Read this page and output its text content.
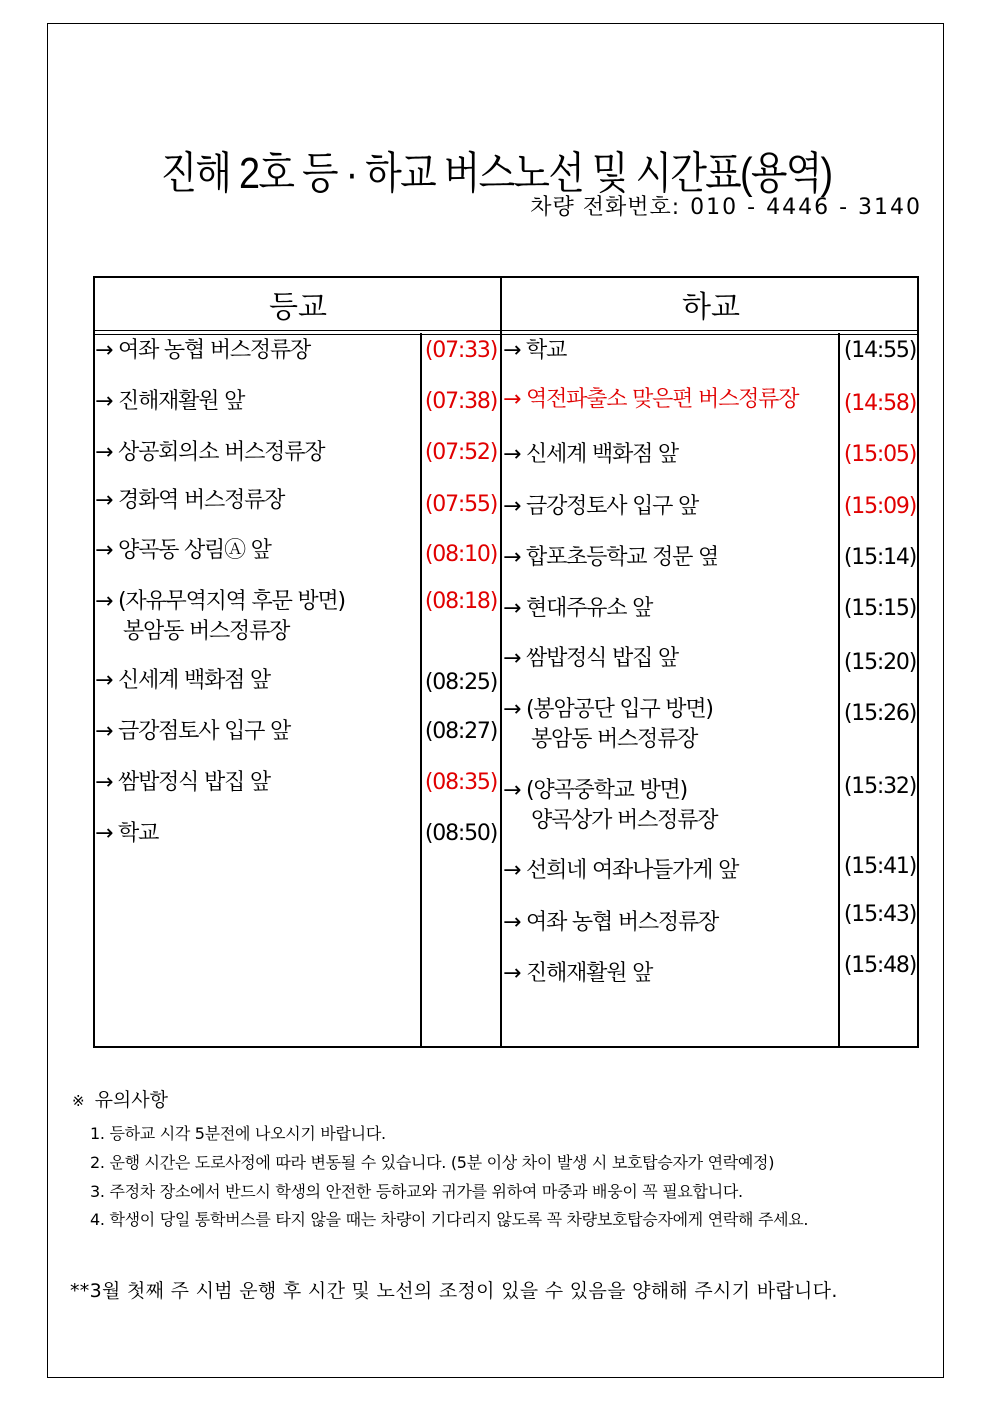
진해 2호 등 · 하교 버스노선 및 시간표(용역)
차량 전화번호: 010 - 4446 - 3140
등교	하교
→ 여좌 농협 버스정류장	(07:33)
→ 진해재활원 앞	(07:38)
→ 상공회의소 버스정류장	(07:52)
→ 경화역 버스정류장	(07:55)
→ 양곡동 상림Ⓐ 앞	(08:10)
→ (자유무역지역 후문 방면)
봉암동 버스정류장
(08:18)
→ 신세계 백화점 앞	(08:25)
→ 금강점토사 입구 앞	(08:27)
→ 쌈밥정식 밥집 앞	(08:35)
→ 학교	(08:50)
→ 학교	(14:55)
→ 역전파출소 맞은편 버스정류장 (14:58)
→ 신세계 백화점 앞	(15:05)
→ 금강정토사 입구 앞	(15:09)
→ 합포초등학교 정문 옆	(15:14)
→ 현대주유소 앞	(15:15)
→ 쌈밥정식 밥집 앞	(15:20)
→ (봉암공단 입구 방면)
봉암동 버스정류장
(15:26)
→ (양곡중학교 방면)
양곡상가 버스정류장
(15:32)
→ 선희네 여좌나들가게 앞	(15:41)
→ 여좌 농협 버스정류장	(15:43)
→ 진해재활원 앞	(15:48)
※ 유의사항
1. 등하교 시각 5분전에 나오시기 바랍니다.
2. 운행 시간은 도로사정에 따라 변동될 수 있습니다. (5분 이상 차이 발생 시 보호탑승자가 연락예정)
3. 주정차 장소에서 반드시 학생의 안전한 등하교와 귀가를 위하여 마중과 배웅이 꼭 필요합니다.
4. 학생이 당일 통학버스를 타지 않을 때는 차량이 기다리지 않도록 꼭 차량보호탑승자에게 연락해 주세요.
**3월 첫째 주 시범 운행 후 시간 및 노선의 조정이 있을 수 있음을 양해해 주시기 바랍니다.
